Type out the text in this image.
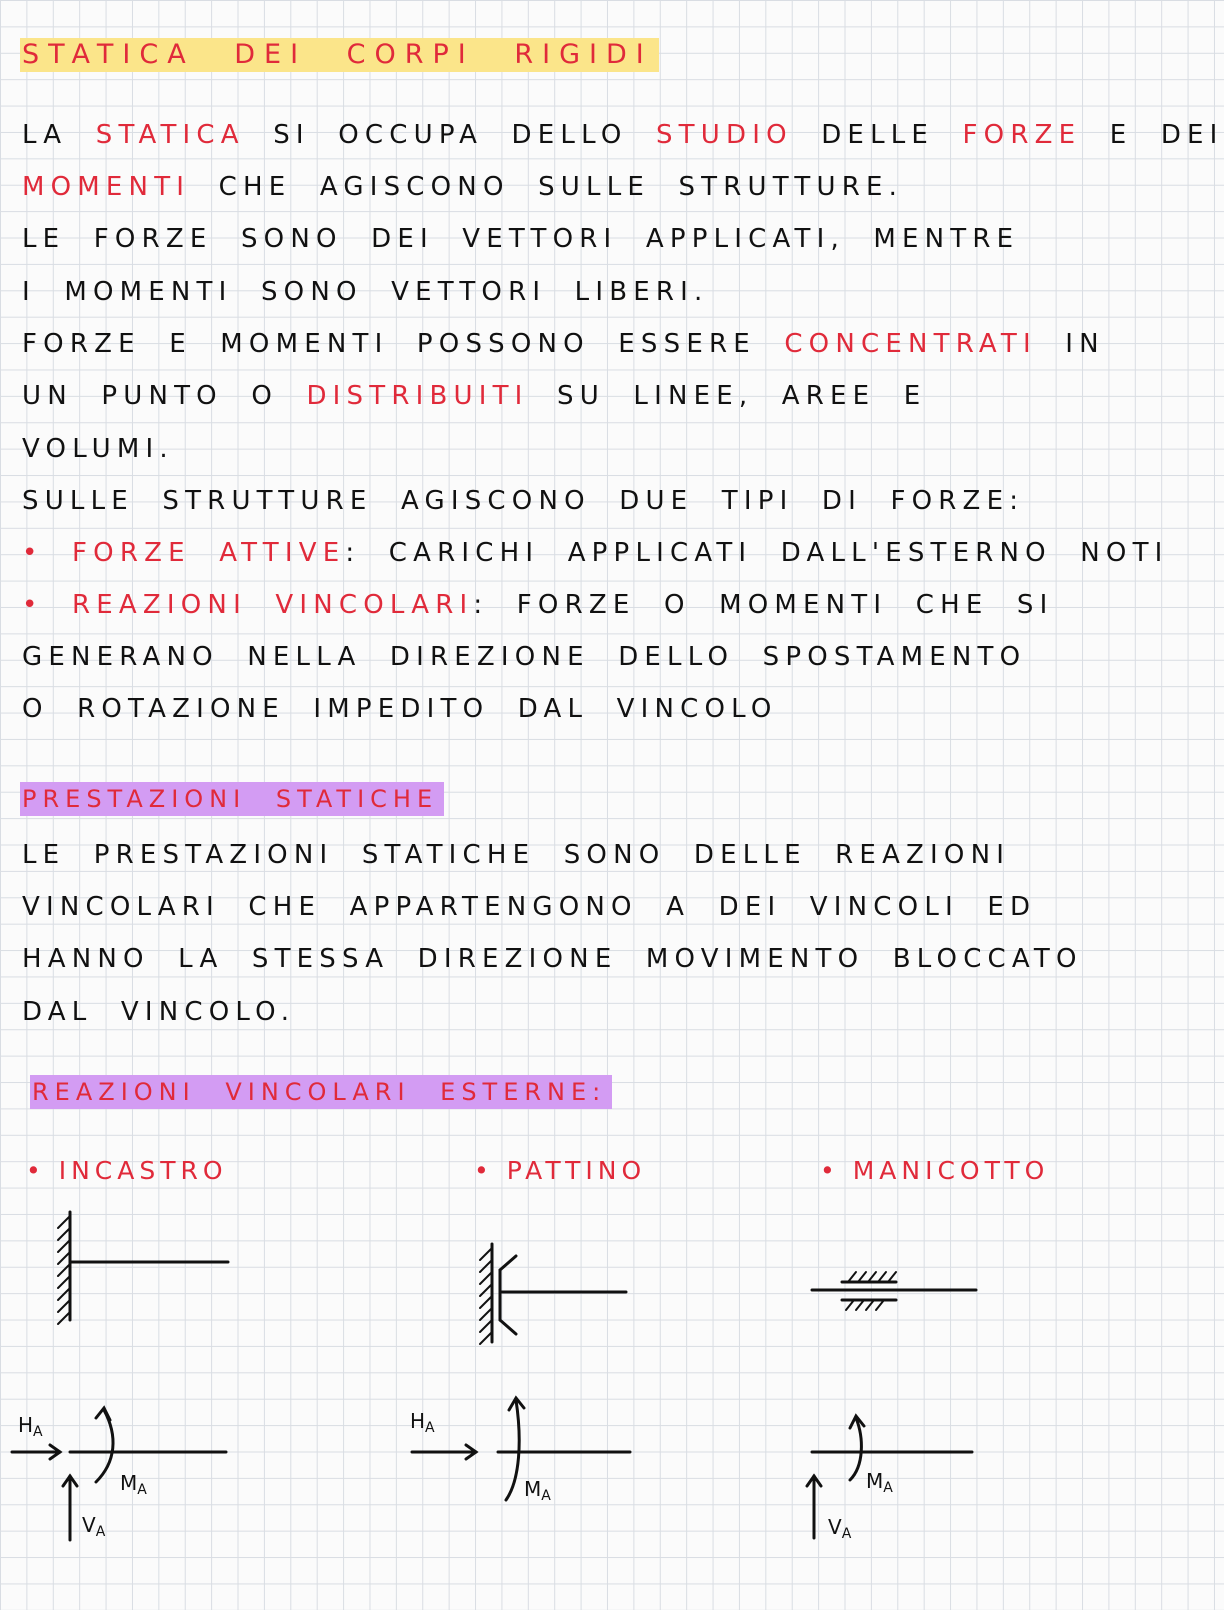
STATICA DEI CORPI RIGIDI

LA STATICA SI OCCUPA DELLO STUDIO DELLE FORZE E DEI

MOMENTI CHE AGISCONO SULLE STRUTTURE.

LE FORZE SONO DEI VETTORI APPLICATI, MENTRE

I MOMENTI SONO VETTORI LIBERI.

FORZE E MOMENTI POSSONO ESSERE CONCENTRATI IN

UN PUNTO O DISTRIBUITI SU LINEE, AREE E

VOLUMI.

SULLE STRUTTURE AGISCONO DUE TIPI DI FORZE:

• FORZE ATTIVE: CARICHI APPLICATI DALL'ESTERNO NOTI

• REAZIONI VINCOLARI: FORZE O MOMENTI CHE SI

GENERANO NELLA DIREZIONE DELLO SPOSTAMENTO

O ROTAZIONE IMPEDITO DAL VINCOLO

PRESTAZIONI STATICHE

LE PRESTAZIONI STATICHE SONO DELLE REAZIONI

VINCOLARI CHE APPARTENGONO A DEI VINCOLI ED

HANNO LA STESSA DIREZIONE MOVIMENTO BLOCCATO

DAL VINCOLO.

REAZIONI VINCOLARI ESTERNE:
• INCASTRO	• PATTINO	• MANICOTTO
$H_A$
$V_A$
$M_A$
$H_A$
$M_A$
$V_A$
$M_A$
